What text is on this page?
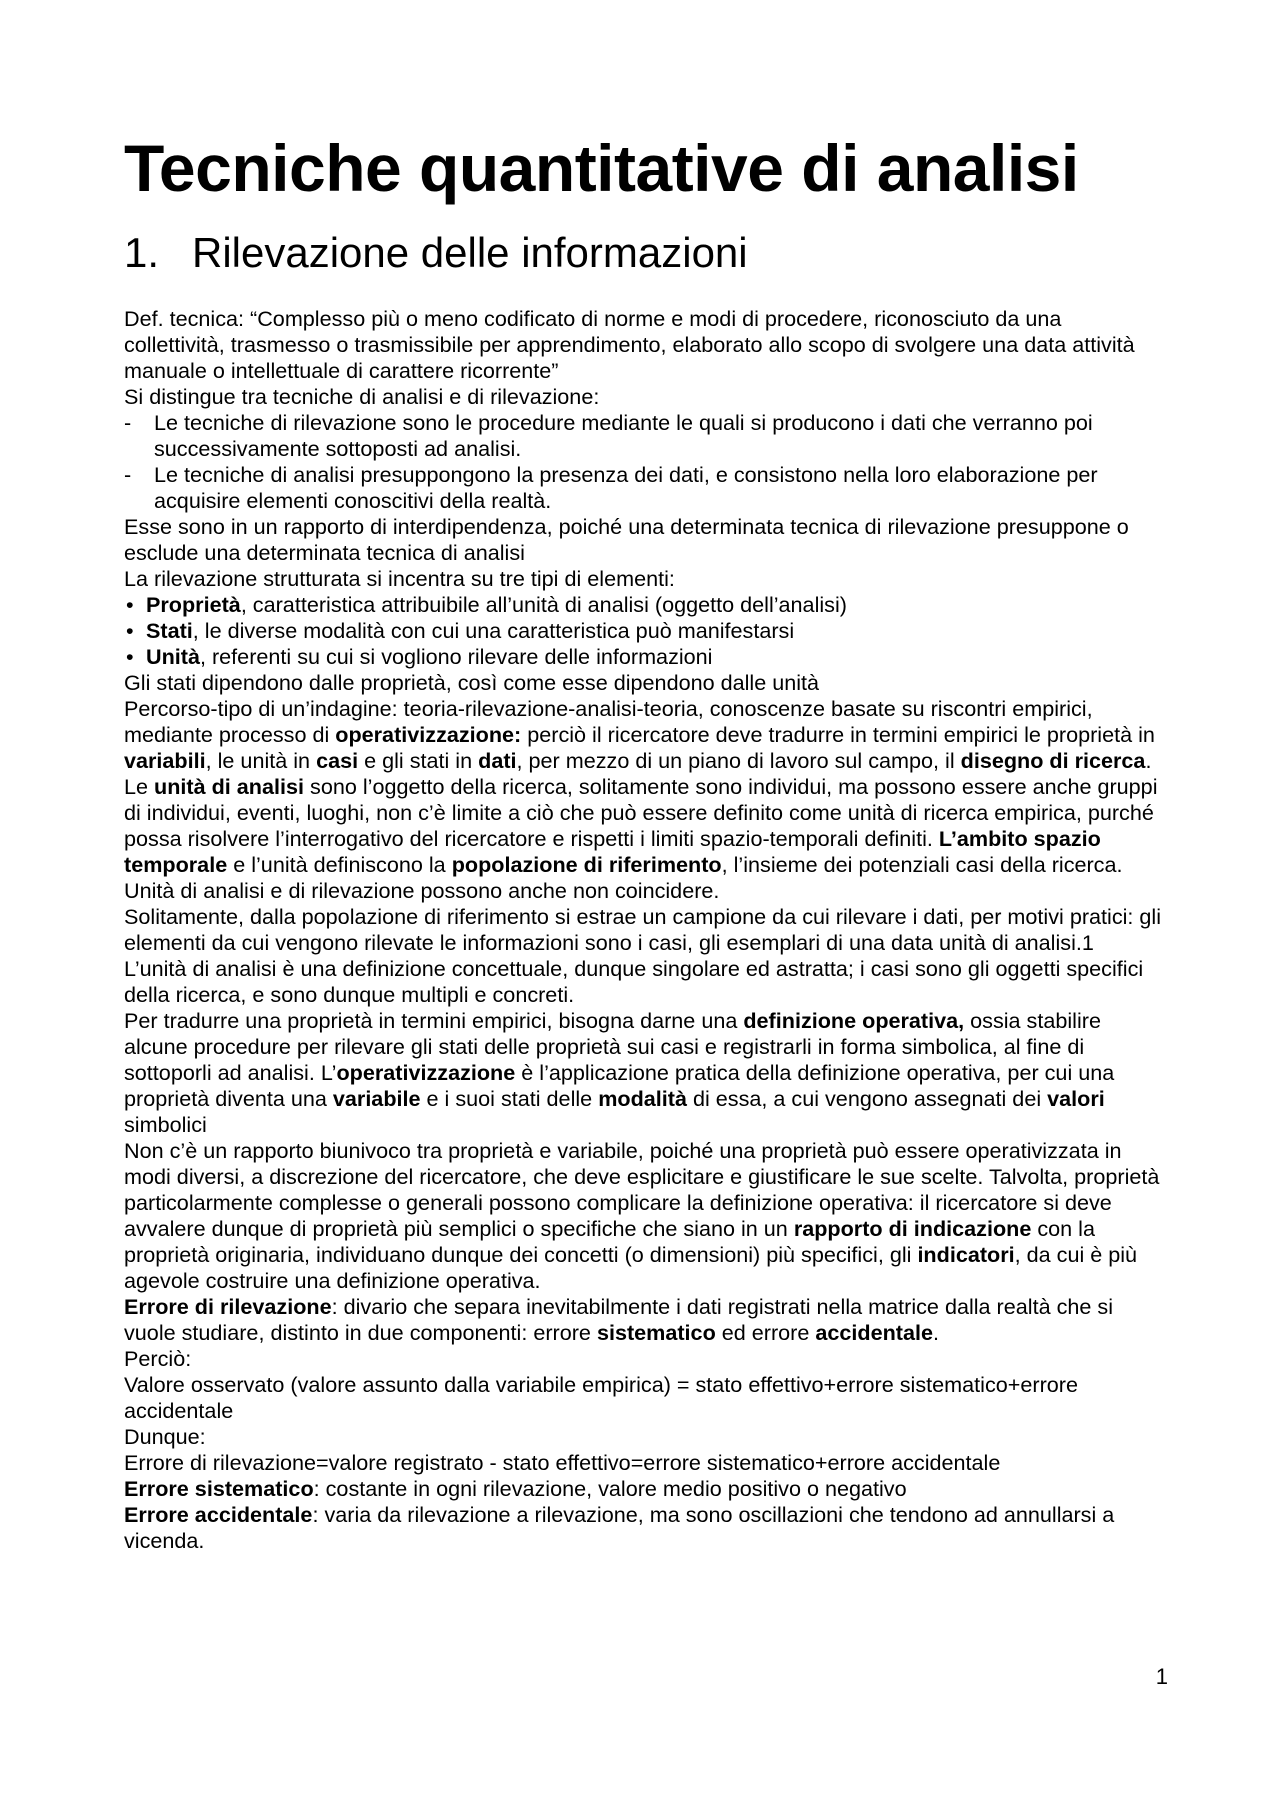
Tecniche quantitative di analisi
1. Rilevazione delle informazioni

Def. tecnica: “Complesso più o meno codificato di norme e modi di procedere, riconosciuto da una collettività, trasmesso o trasmissibile per apprendimento, elaborato allo scopo di svolgere una data attività manuale o intellettuale di carattere ricorrente”

Si distingue tra tecniche di analisi e di rilevazione:

-	Le tecniche di rilevazione sono le procedure mediante le quali si producono i dati che verranno poi successivamente sottoposti ad analisi.
-	Le tecniche di analisi presuppongono la presenza dei dati, e consistono nella loro elaborazione per acquisire elementi conoscitivi della realtà.

Esse sono in un rapporto di interdipendenza, poiché una determinata tecnica di rilevazione presuppone o esclude una determinata tecnica di analisi

La rilevazione strutturata si incentra su tre tipi di elementi:

• Proprietà, caratteristica attribuibile all’unità di analisi (oggetto dell’analisi)
• Stati, le diverse modalità con cui una caratteristica può manifestarsi
• Unità, referenti su cui si vogliono rilevare delle informazioni

Gli stati dipendono dalle proprietà, così come esse dipendono dalle unità

Percorso-tipo di un’indagine: teoria-rilevazione-analisi-teoria, conoscenze basate su riscontri empirici, mediante processo di operativizzazione: perciò il ricercatore deve tradurre in termini empirici le proprietà in variabili, le unità in casi e gli stati in dati, per mezzo di un piano di lavoro sul campo, il disegno di ricerca.

Le unità di analisi sono l’oggetto della ricerca, solitamente sono individui, ma possono essere anche gruppi di individui, eventi, luoghi, non c’è limite a ciò che può essere definito come unità di ricerca empirica, purché possa risolvere l’interrogativo del ricercatore e rispetti i limiti spazio-temporali definiti. L’ambito spazio temporale e l’unità definiscono la popolazione di riferimento, l’insieme dei potenziali casi della ricerca.

Unità di analisi e di rilevazione possono anche non coincidere.

Solitamente, dalla popolazione di riferimento si estrae un campione da cui rilevare i dati, per motivi pratici: gli elementi da cui vengono rilevate le informazioni sono i casi, gli esemplari di una data unità di analisi.1

L’unità di analisi è una definizione concettuale, dunque singolare ed astratta; i casi sono gli oggetti specifici della ricerca, e sono dunque multipli e concreti.

Per tradurre una proprietà in termini empirici, bisogna darne una definizione operativa, ossia stabilire alcune procedure per rilevare gli stati delle proprietà sui casi e registrarli in forma simbolica, al fine di sottoporli ad analisi. L’operativizzazione è l’applicazione pratica della definizione operativa, per cui una proprietà diventa una variabile e i suoi stati delle modalità di essa, a cui vengono assegnati dei valori simbolici

Non c’è un rapporto biunivoco tra proprietà e variabile, poiché una proprietà può essere operativizzata in modi diversi, a discrezione del ricercatore, che deve esplicitare e giustificare le sue scelte. Talvolta, proprietà particolarmente complesse o generali possono complicare la definizione operativa: il ricercatore si deve avvalere dunque di proprietà più semplici o specifiche che siano in un rapporto di indicazione con la proprietà originaria, individuano dunque dei concetti (o dimensioni) più specifici, gli indicatori, da cui è più agevole costruire una definizione operativa.

Errore di rilevazione: divario che separa inevitabilmente i dati registrati nella matrice dalla realtà che si vuole studiare, distinto in due componenti: errore sistematico ed errore accidentale.

Perciò:

Valore osservato (valore assunto dalla variabile empirica) = stato effettivo+errore sistematico+errore accidentale

Dunque:

Errore di rilevazione=valore registrato - stato effettivo=errore sistematico+errore accidentale

Errore sistematico: costante in ogni rilevazione, valore medio positivo o negativo

Errore accidentale: varia da rilevazione a rilevazione, ma sono oscillazioni che tendono ad annullarsi a vicenda.

1
